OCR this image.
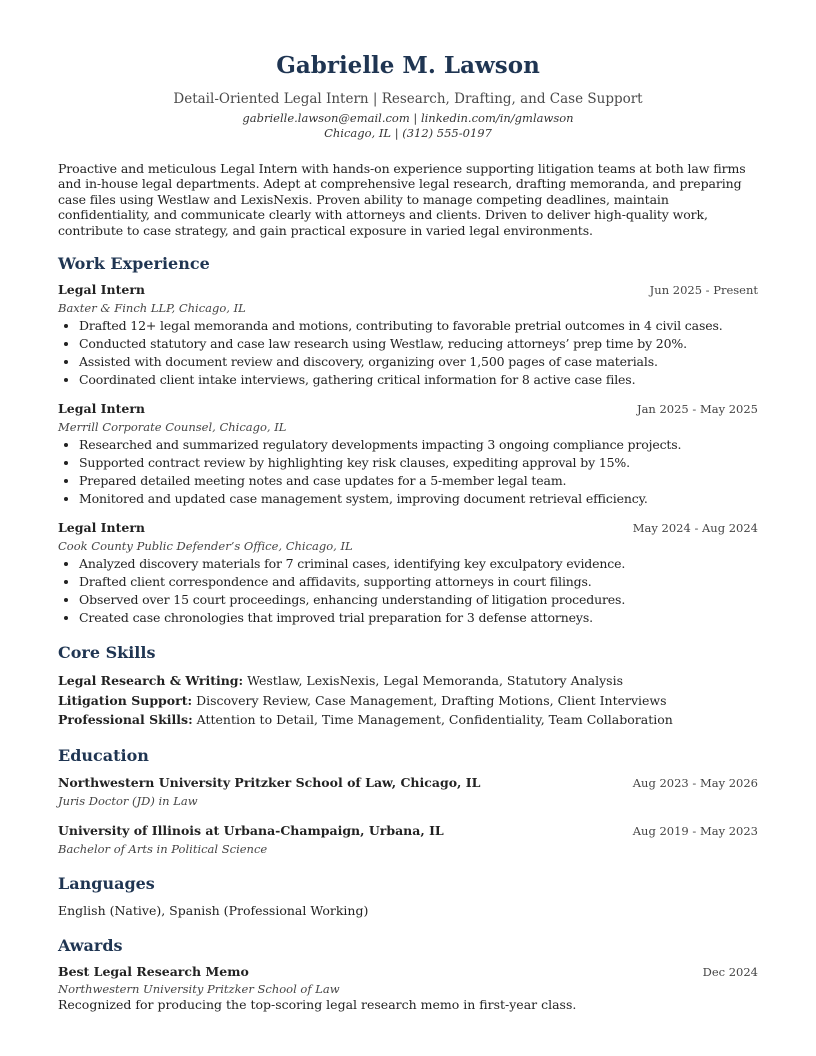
Gabrielle M. Lawson
Detail-Oriented Legal Intern | Research, Drafting, and Case Support
gabrielle.lawson@email.com | linkedin.com/in/gmlawson
Chicago, IL | (312) 555-0197
Proactive and meticulous Legal Intern with hands-on experience supporting litigation teams at both law firms and in-house legal departments. Adept at comprehensive legal research, drafting memoranda, and preparing case files using Westlaw and LexisNexis. Proven ability to manage competing deadlines, maintain confidentiality, and communicate clearly with attorneys and clients. Driven to deliver high-quality work, contribute to case strategy, and gain practical exposure in varied legal environments.
Work Experience
Legal Intern	Jun 2025 - Present
Baxter & Finch LLP, Chicago, IL
• Drafted 12+ legal memoranda and motions, contributing to favorable pretrial outcomes in 4 civil cases.
• Conducted statutory and case law research using Westlaw, reducing attorneys’ prep time by 20%.
• Assisted with document review and discovery, organizing over 1,500 pages of case materials.
• Coordinated client intake interviews, gathering critical information for 8 active case files.
Legal Intern	Jan 2025 - May 2025
Merrill Corporate Counsel, Chicago, IL
• Researched and summarized regulatory developments impacting 3 ongoing compliance projects.
• Supported contract review by highlighting key risk clauses, expediting approval by 15%.
• Prepared detailed meeting notes and case updates for a 5-member legal team.
• Monitored and updated case management system, improving document retrieval efficiency.
Legal Intern	May 2024 - Aug 2024
Cook County Public Defender’s Office, Chicago, IL
• Analyzed discovery materials for 7 criminal cases, identifying key exculpatory evidence.
• Drafted client correspondence and affidavits, supporting attorneys in court filings.
• Observed over 15 court proceedings, enhancing understanding of litigation procedures.
• Created case chronologies that improved trial preparation for 3 defense attorneys.
Core Skills
Legal Research & Writing: Westlaw, LexisNexis, Legal Memoranda, Statutory Analysis
Litigation Support: Discovery Review, Case Management, Drafting Motions, Client Interviews
Professional Skills: Attention to Detail, Time Management, Confidentiality, Team Collaboration
Education
Northwestern University Pritzker School of Law, Chicago, IL	Aug 2023 - May 2026
Juris Doctor (JD) in Law
University of Illinois at Urbana-Champaign, Urbana, IL	Aug 2019 - May 2023
Bachelor of Arts in Political Science
Languages
English (Native), Spanish (Professional Working)
Awards
Best Legal Research Memo	Dec 2024
Northwestern University Pritzker School of Law
Recognized for producing the top-scoring legal research memo in first-year class.
